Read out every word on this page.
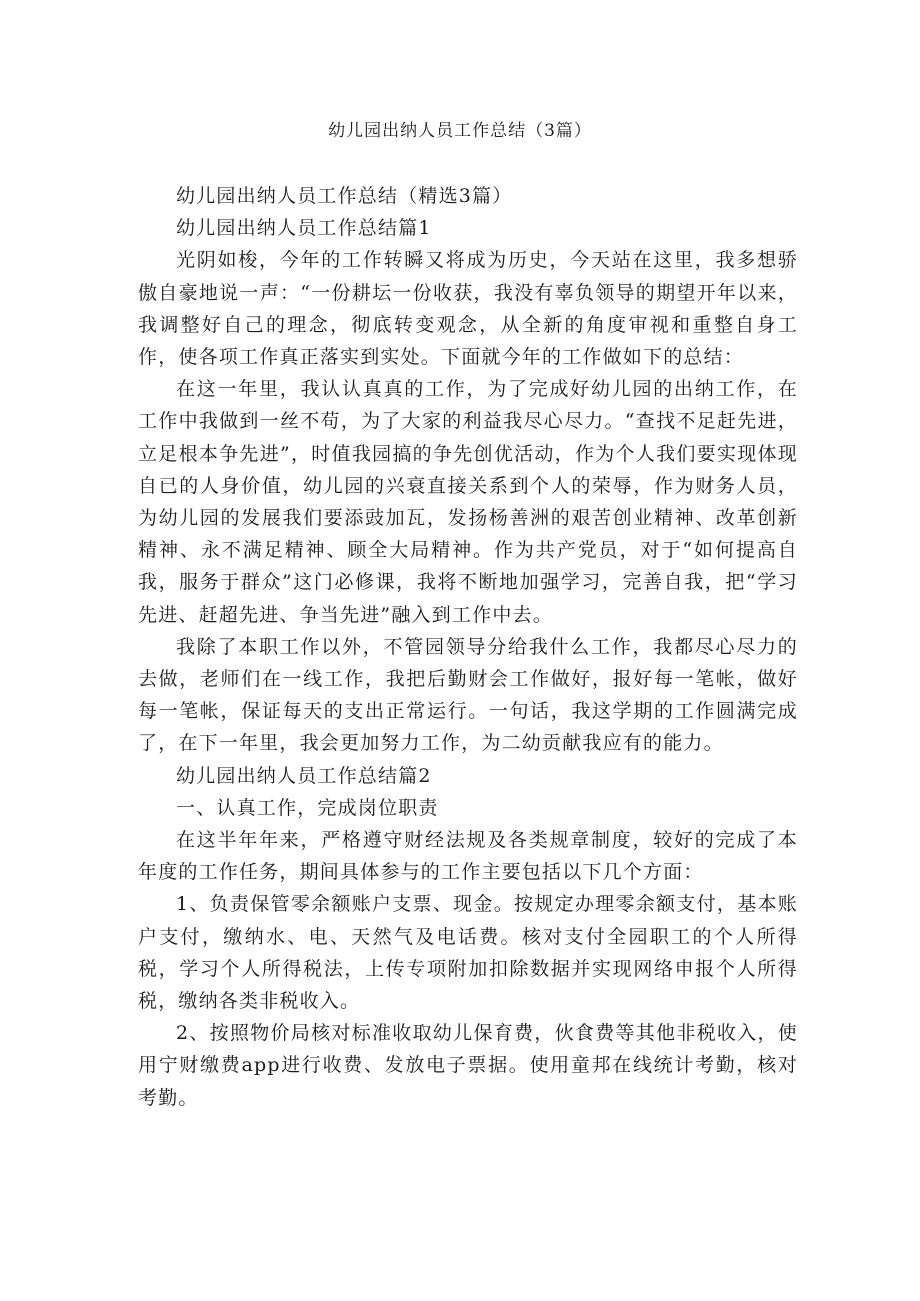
幼儿园出纳人员工作总结（3篇）

幼儿园出纳人员工作总结（精选3篇）

幼儿园出纳人员工作总结篇1

光阴如梭，今年的工作转瞬又将成为历史，今天站在这里，我多想骄傲自豪地说一声：“一份耕坛一份收获，我没有辜负领导的期望开年以来，我调整好自己的理念，彻底转变观念，从全新的角度审视和重整自身工作，使各项工作真正落实到实处。下面就今年的工作做如下的总结：

在这一年里，我认认真真的工作，为了完成好幼儿园的出纳工作，在工作中我做到一丝不苟，为了大家的利益我尽心尽力。“查找不足赶先进，立足根本争先进”，时值我园搞的争先创优活动，作为个人我们要实现体现自已的人身价值，幼儿园的兴衰直接关系到个人的荣辱，作为财务人员，为幼儿园的发展我们要添豉加瓦，发扬杨善洲的艰苦创业精神、改革创新精神、永不满足精神、顾全大局精神。作为共产党员，对于“如何提高自我，服务于群众”这门必修课，我将不断地加强学习，完善自我，把“学习先进、赶超先进、争当先进”融入到工作中去。

我除了本职工作以外，不管园领导分给我什么工作，我都尽心尽力的去做，老师们在一线工作，我把后勤财会工作做好，报好每一笔帐，做好每一笔帐，保证每天的支出正常运行。一句话，我这学期的工作圆满完成了，在下一年里，我会更加努力工作，为二幼贡献我应有的能力。

幼儿园出纳人员工作总结篇2

一、认真工作，完成岗位职责

在这半年年来，严格遵守财经法规及各类规章制度，较好的完成了本年度的工作任务，期间具体参与的工作主要包括以下几个方面：

1、负责保管零余额账户支票、现金。按规定办理零余额支付，基本账户支付，缴纳水、电、天然气及电话费。核对支付全园职工的个人所得税，学习个人所得税法，上传专项附加扣除数据并实现网络申报个人所得税，缴纳各类非税收入。

2、按照物价局核对标准收取幼儿保育费，伙食费等其他非税收入，使用宁财缴费app进行收费、发放电子票据。使用童邦在线统计考勤，核对考勤。
